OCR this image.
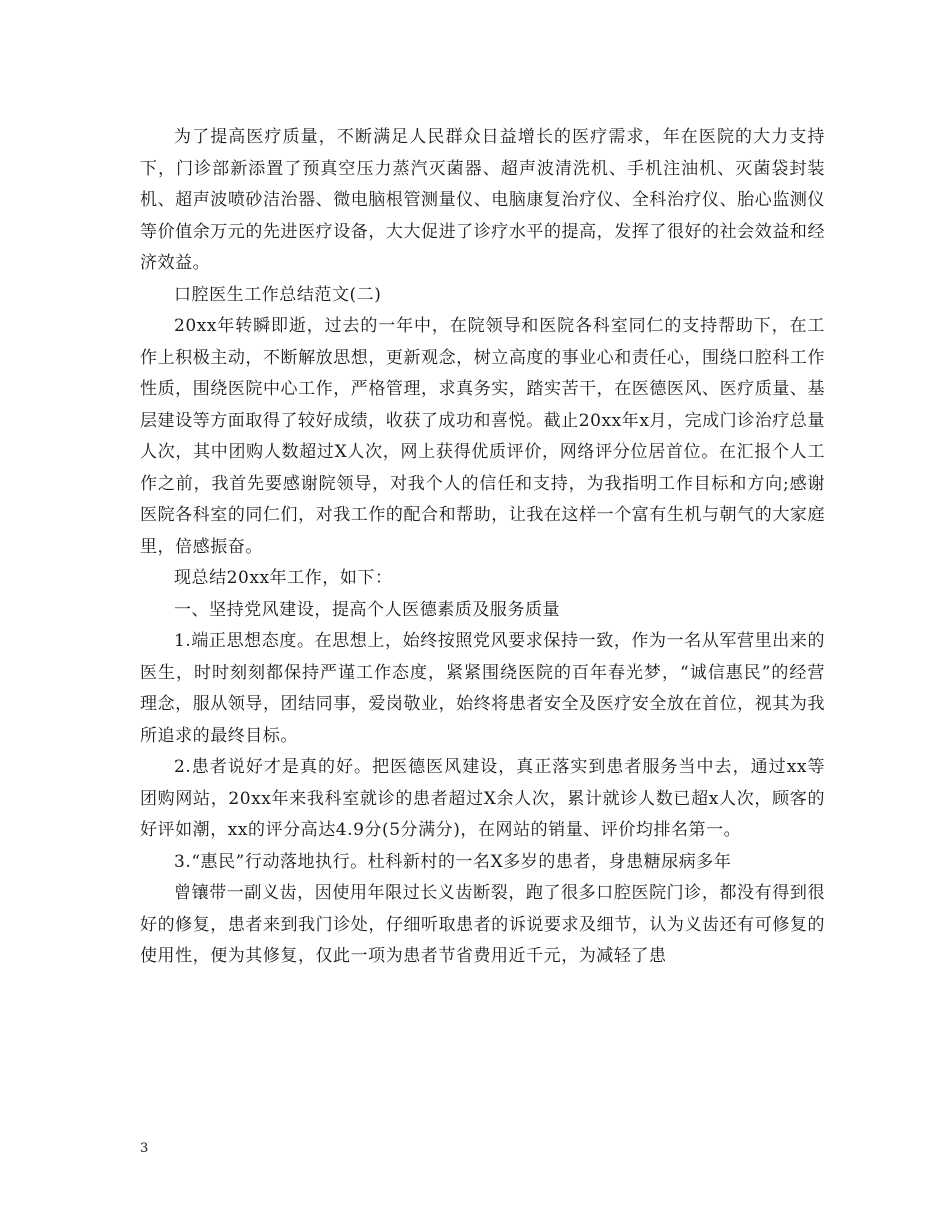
为了提高医疗质量，不断满足人民群众日益增长的医疗需求，年在医院的大力支持下，门诊部新添置了预真空压力蒸汽灭菌器、超声波清洗机、手机注油机、灭菌袋封装机、超声波喷砂洁治器、微电脑根管测量仪、电脑康复治疗仪、全科治疗仪、胎心监测仪等价值余万元的先进医疗设备，大大促进了诊疗水平的提高，发挥了很好的社会效益和经济效益。

口腔医生工作总结范文(二)

20xx年转瞬即逝，过去的一年中，在院领导和医院各科室同仁的支持帮助下，在工作上积极主动，不断解放思想，更新观念，树立高度的事业心和责任心，围绕口腔科工作性质，围绕医院中心工作，严格管理，求真务实，踏实苦干，在医德医风、医疗质量、基层建设等方面取得了较好成绩，收获了成功和喜悦。截止20xx年x月，完成门诊治疗总量人次，其中团购人数超过X人次，网上获得优质评价，网络评分位居首位。在汇报个人工作之前，我首先要感谢院领导，对我个人的信任和支持，为我指明工作目标和方向;感谢医院各科室的同仁们，对我工作的配合和帮助，让我在这样一个富有生机与朝气的大家庭里，倍感振奋。

现总结20xx年工作，如下：

一、坚持党风建设，提高个人医德素质及服务质量

1.端正思想态度。在思想上，始终按照党风要求保持一致，作为一名从军营里出来的医生，时时刻刻都保持严谨工作态度，紧紧围绕医院的百年春光梦，“诚信惠民”的经营理念，服从领导，团结同事，爱岗敬业，始终将患者安全及医疗安全放在首位，视其为我所追求的最终目标。

2.患者说好才是真的好。把医德医风建设，真正落实到患者服务当中去，通过xx等团购网站，20xx年来我科室就诊的患者超过X余人次，累计就诊人数已超x人次，顾客的好评如潮，xx的评分高达4.9分(5分满分)，在网站的销量、评价均排名第一。

3.“惠民”行动落地执行。杜科新村的一名X多岁的患者，身患糖尿病多年

曾镶带一副义齿，因使用年限过长义齿断裂，跑了很多口腔医院门诊，都没有得到很好的修复，患者来到我门诊处，仔细听取患者的诉说要求及细节，认为义齿还有可修复的使用性，便为其修复，仅此一项为患者节省费用近千元，为减轻了患

3
